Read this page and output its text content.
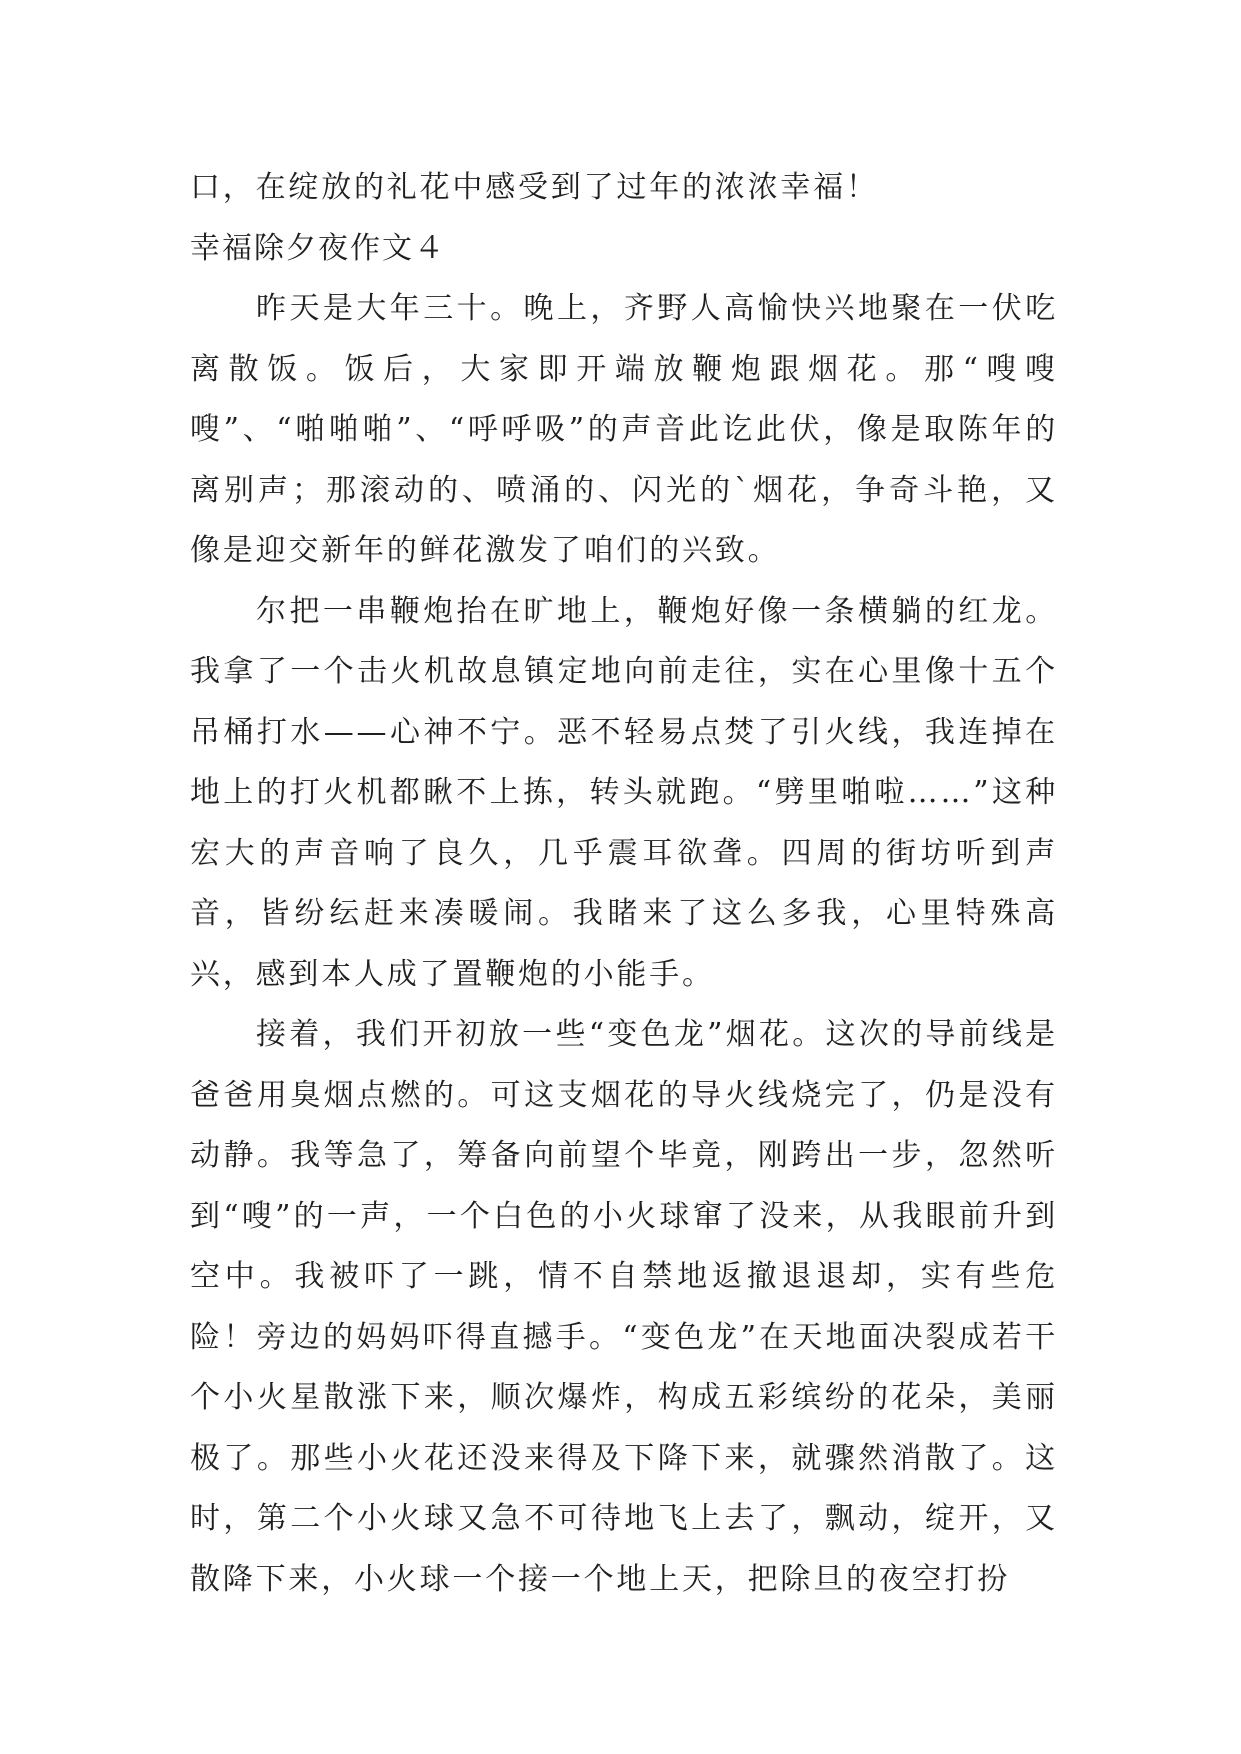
口，在绽放的礼花中感受到了过年的浓浓幸福！

幸福除夕夜作文４

昨天是大年三十。晚上，齐野人高愉快兴地聚在一伏吃离散饭。饭后，大家即开端放鞭炮跟烟花。那“嗖嗖嗖”、“啪啪啪”、“呼呼吸”的声音此讫此伏，像是取陈年的离别声；那滚动的、喷涌的、闪光的`烟花，争奇斗艳，又像是迎交新年的鲜花激发了咱们的兴致。

尔把一串鞭炮抬在旷地上，鞭炮好像一条横躺的红龙。我拿了一个击火机故息镇定地向前走往，实在心里像十五个吊桶打水——心神不宁。恶不轻易点焚了引火线，我连掉在地上的打火机都瞅不上拣，转头就跑。“劈里啪啦……”这种宏大的声音响了良久，几乎震耳欲聋。四周的街坊听到声音，皆纷纭赶来凑暖闹。我睹来了这么多我，心里特殊高兴，感到本人成了置鞭炮的小能手。

接着，我们开初放一些“变色龙”烟花。这次的导前线是爸爸用臭烟点燃的。可这支烟花的导火线烧完了，仍是没有动静。我等急了，筹备向前望个毕竟，刚跨出一步，忽然听到“嗖”的一声，一个白色的小火球窜了没来，从我眼前升到空中。我被吓了一跳，情不自禁地返撤退退却，实有些危险！旁边的妈妈吓得直撼手。“变色龙”在天地面决裂成若干个小火星散涨下来，顺次爆炸，构成五彩缤纷的花朵，美丽极了。那些小火花还没来得及下降下来，就骤然消散了。这时，第二个小火球又急不可待地飞上去了，飘动，绽开，又散降下来，小火球一个接一个地上天，把除旦的夜空打扮
